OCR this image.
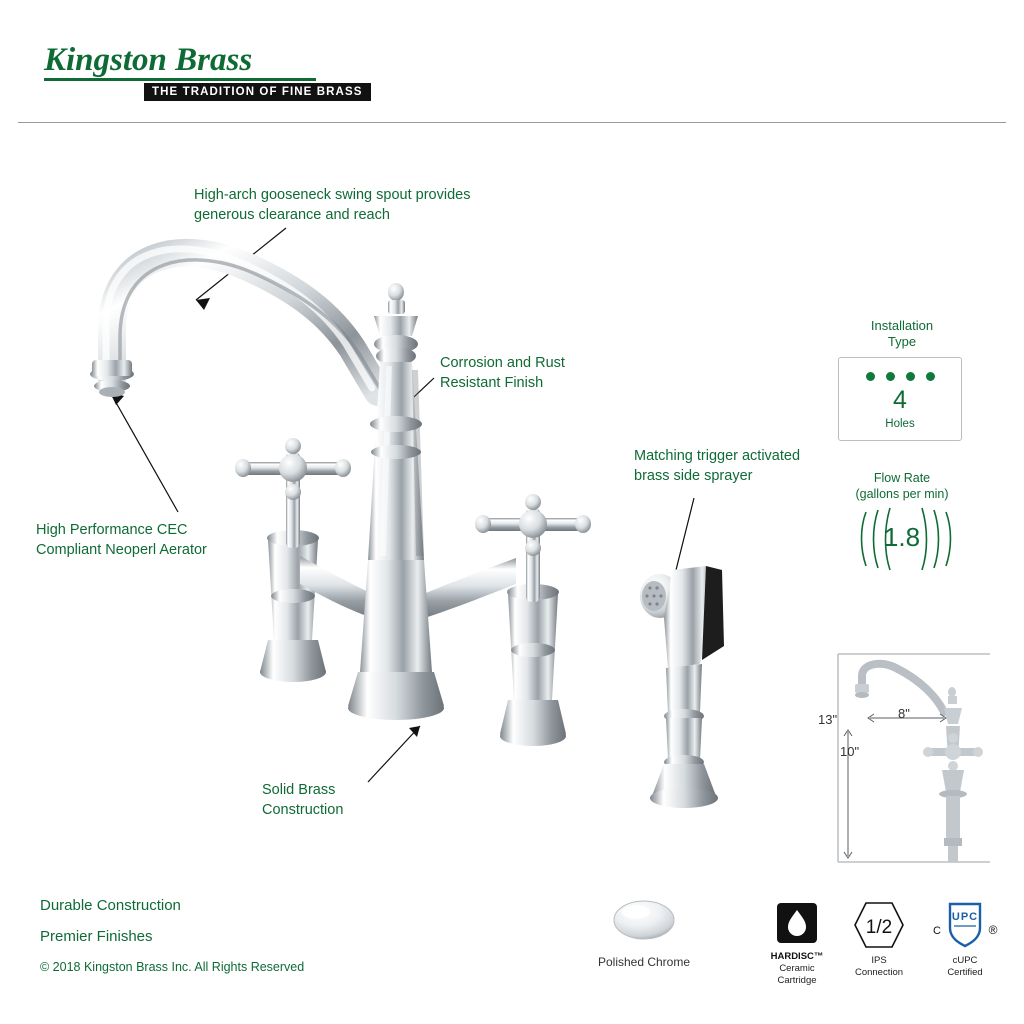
Kingston Brass
THE TRADITION OF FINE BRASS
High-arch gooseneck swing spout provides
generous clearance and reach
Corrosion and Rust
Resistant Finish
High Performance CEC
Compliant Neoperl Aerator
Matching trigger activated
brass side sprayer
Solid Brass
Construction
Installation
Type
4
Holes
Flow Rate
(gallons per min)
1.8
13"
10"
8"
Durable Construction
Premier Finishes
© 2018 Kingston Brass Inc. All Rights Reserved	Polished Chrome	HARDISC™
Ceramic
Cartridge
1/2
IPS
Connection
UPC
C	®
cUPC
Certified
